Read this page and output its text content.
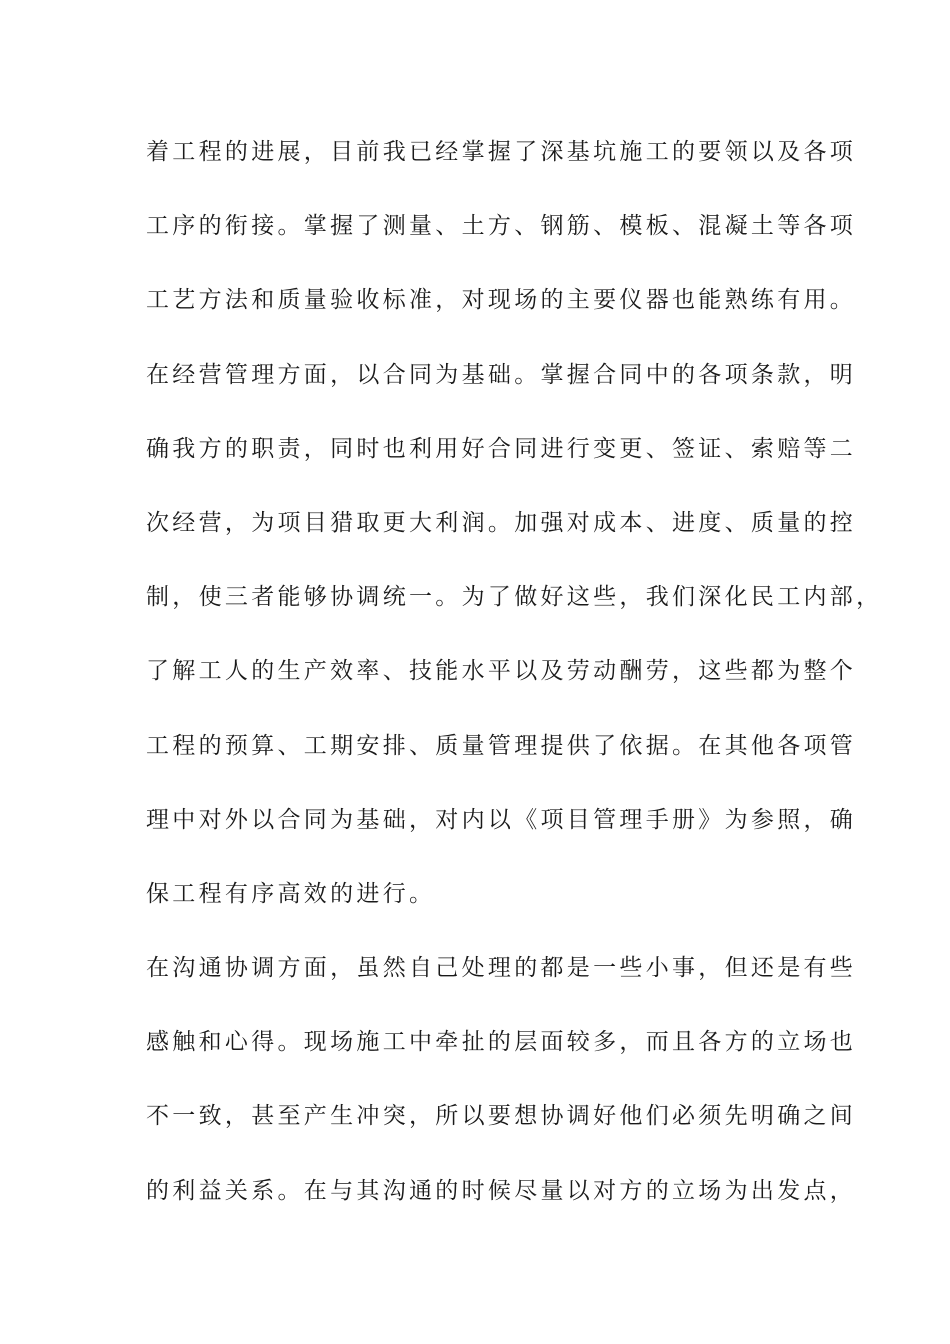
着工程的进展，目前我已经掌握了深基坑施工的要领以及各项
工序的衔接。掌握了测量、土方、钢筋、模板、混凝土等各项
工艺方法和质量验收标准，对现场的主要仪器也能熟练有用。
在经营管理方面，以合同为基础。掌握合同中的各项条款，明
确我方的职责，同时也利用好合同进行变更、签证、索赔等二
次经营，为项目猎取更大利润。加强对成本、进度、质量的控
制，使三者能够协调统一。为了做好这些，我们深化民工内部，
了解工人的生产效率、技能水平以及劳动酬劳，这些都为整个
工程的预算、工期安排、质量管理提供了依据。在其他各项管
理中对外以合同为基础，对内以《项目管理手册》为参照，确
保工程有序高效的进行。
在沟通协调方面，虽然自己处理的都是一些小事，但还是有些
感触和心得。现场施工中牵扯的层面较多，而且各方的立场也
不一致，甚至产生冲突，所以要想协调好他们必须先明确之间
的利益关系。在与其沟通的时候尽量以对方的立场为出发点，
